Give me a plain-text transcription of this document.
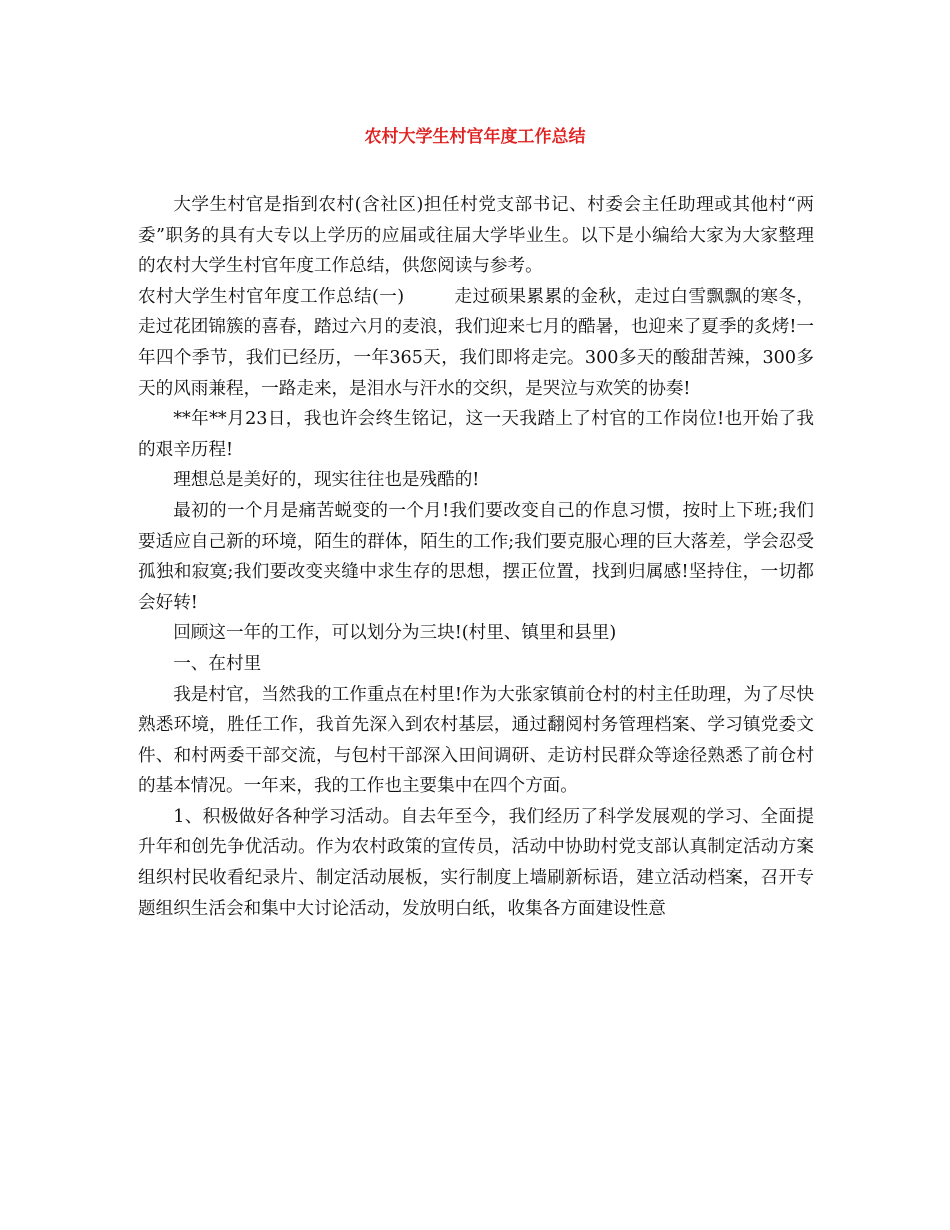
农村大学生村官年度工作总结

大学生村官是指到农村(含社区)担任村党支部书记、村委会主任助理或其他村“两委”职务的具有大专以上学历的应届或往届大学毕业生。以下是小编给大家为大家整理的农村大学生村官年度工作总结，供您阅读与参考。

农村大学生村官年度工作总结(一)	走过硕果累累的金秋，走过白雪飘飘的寒冬，走过花团锦簇的喜春，踏过六月的麦浪，我们迎来七月的酷暑，也迎来了夏季的炙烤!一年四个季节，我们已经历，一年365天，我们即将走完。300多天的酸甜苦辣，300多天的风雨兼程，一路走来，是泪水与汗水的交织，是哭泣与欢笑的协奏!

**年**月23日，我也许会终生铭记，这一天我踏上了村官的工作岗位!也开始了我的艰辛历程!

理想总是美好的，现实往往也是残酷的!

最初的一个月是痛苦蜕变的一个月!我们要改变自己的作息习惯，按时上下班;我们要适应自己新的环境，陌生的群体，陌生的工作;我们要克服心理的巨大落差，学会忍受孤独和寂寞;我们要改变夹缝中求生存的思想，摆正位置，找到归属感!坚持住，一切都会好转!

回顾这一年的工作，可以划分为三块!(村里、镇里和县里)

一、在村里

我是村官，当然我的工作重点在村里!作为大张家镇前仓村的村主任助理，为了尽快熟悉环境，胜任工作，我首先深入到农村基层，通过翻阅村务管理档案、学习镇党委文件、和村两委干部交流，与包村干部深入田间调研、走访村民群众等途径熟悉了前仓村的基本情况。一年来，我的工作也主要集中在四个方面。

1、积极做好各种学习活动。自去年至今，我们经历了科学发展观的学习、全面提升年和创先争优活动。作为农村政策的宣传员，活动中协助村党支部认真制定活动方案组织村民收看纪录片、制定活动展板，实行制度上墙刷新标语，建立活动档案，召开专题组织生活会和集中大讨论活动，发放明白纸，收集各方面建设性意
